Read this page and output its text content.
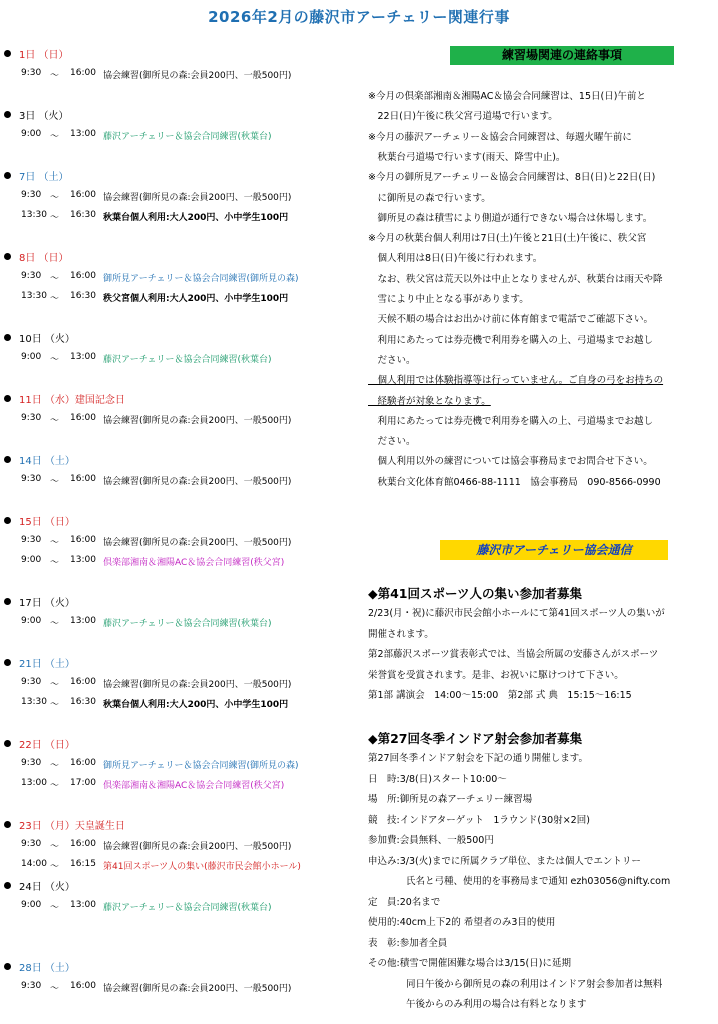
2026年2月の藤沢市アーチェリー関連行事
1日 （日）
9:30 ～ 16:00 協会練習(御所見の森:会員200円、一般500円)
3日 （火）
9:00 ～ 13:00 藤沢アーチェリー＆協会合同練習(秋葉台)
7日 （土）
9:30 ～ 16:00 協会練習(御所見の森:会員200円、一般500円)
13:30 ～ 16:30 秋葉台個人利用:大人200円、小中学生100円
8日 （日）
9:30 ～ 16:00 御所見アーチェリー＆協会合同練習(御所見の森)
13:30 ～ 16:30 秩父宮個人利用:大人200円、小中学生100円
10日 （火）
9:00 ～ 13:00 藤沢アーチェリー＆協会合同練習(秋葉台)
11日 （水）建国記念日
9:30 ～ 16:00 協会練習(御所見の森:会員200円、一般500円)
14日 （土）
9:30 ～ 16:00 協会練習(御所見の森:会員200円、一般500円)
15日 （日）
9:30 ～ 16:00 協会練習(御所見の森:会員200円、一般500円)
9:00 ～ 13:00 倶楽部湘南＆湘陽AC＆協会合同練習(秩父宮)
17日 （火）
9:00 ～ 13:00 藤沢アーチェリー＆協会合同練習(秋葉台)
21日 （土）
9:30 ～ 16:00 協会練習(御所見の森:会員200円、一般500円)
13:30 ～ 16:30 秋葉台個人利用:大人200円、小中学生100円
22日 （日）
9:30 ～ 16:00 御所見アーチェリー＆協会合同練習(御所見の森)
13:00 ～ 17:00 倶楽部湘南＆湘陽AC＆協会合同練習(秩父宮)
23日 （月）天皇誕生日
9:30 ～ 16:00 協会練習(御所見の森:会員200円、一般500円)
14:00 ～ 16:15 第41回スポーツ人の集い(藤沢市民会館小ホール)
24日 （火）
9:00 ～ 13:00 藤沢アーチェリー＆協会合同練習(秋葉台)
28日 （土）
9:30 ～ 16:00 協会練習(御所見の森:会員200円、一般500円)
練習場関連の連絡事項
※今月の倶楽部湘南＆湘陽AC＆協会合同練習は、15日(日)午前と
　22日(日)午後に秩父宮弓道場で行います。
※今月の藤沢アーチェリー＆協会合同練習は、毎週火曜午前に
　秋葉台弓道場で行います(雨天、降雪中止)。
※今月の御所見アーチェリー＆協会合同練習は、8日(日)と22日(日)
　に御所見の森で行います。
　御所見の森は積雪により側道が通行できない場合は休場します。
※今月の秋葉台個人利用は7日(土)午後と21日(土)午後に、秩父宮
　個人利用は8日(日)午後に行われます。
　なお、秩父宮は荒天以外は中止となりませんが、秋葉台は雨天や降
　雪により中止となる事があります。
　天候不順の場合はお出かけ前に体育館まで電話でご確認下さい。
　利用にあたっては券売機で利用券を購入の上、弓道場までお越し
　ださい。
　個人利用では体験指導等は行っていません。ご自身の弓をお持ちの
　経験者が対象となります。
　利用にあたっては券売機で利用券を購入の上、弓道場までお越し
　ださい。
　個人利用以外の練習については協会事務局までお問合せ下さい。
　秋葉台文化体育館0466-88-1111　協会事務局　090-8566-0990
藤沢市アーチェリー協会通信
◆第41回スポーツ人の集い参加者募集
2/23(月・祝)に藤沢市民会館小ホールにて第41回スポーツ人の集いが
開催されます。
第2部藤沢スポーツ賞表彰式では、当協会所属の安藤さんがスポーツ
栄誉賞を受賞されます。是非、お祝いに駆けつけて下さい。
第1部 講演会　14:00～15:00　第2部 式 典　15:15～16:15
◆第27回冬季インドア射会参加者募集
第27回冬季インドア射会を下記の通り開催します。
日　時:3/8(日)スタート10:00～
場　所:御所見の森アーチェリー練習場
競　技:インドアターゲット　1ラウンド(30射×2回)
参加費:会員無料、一般500円
申込み:3/3(火)までに所属クラブ単位、または個人でエントリー
　　　　氏名と弓種、使用的を事務局まで通知 ezh03056@nifty.com
定　員:20名まで
使用的:40cm上下2的 希望者のみ3目的使用
表　彰:参加者全員
その他:積雪で開催困難な場合は3/15(日)に延期
　　　　同日午後から御所見の森の利用はインドア射会参加者は無料
　　　　午後からのみ利用の場合は有料となります
